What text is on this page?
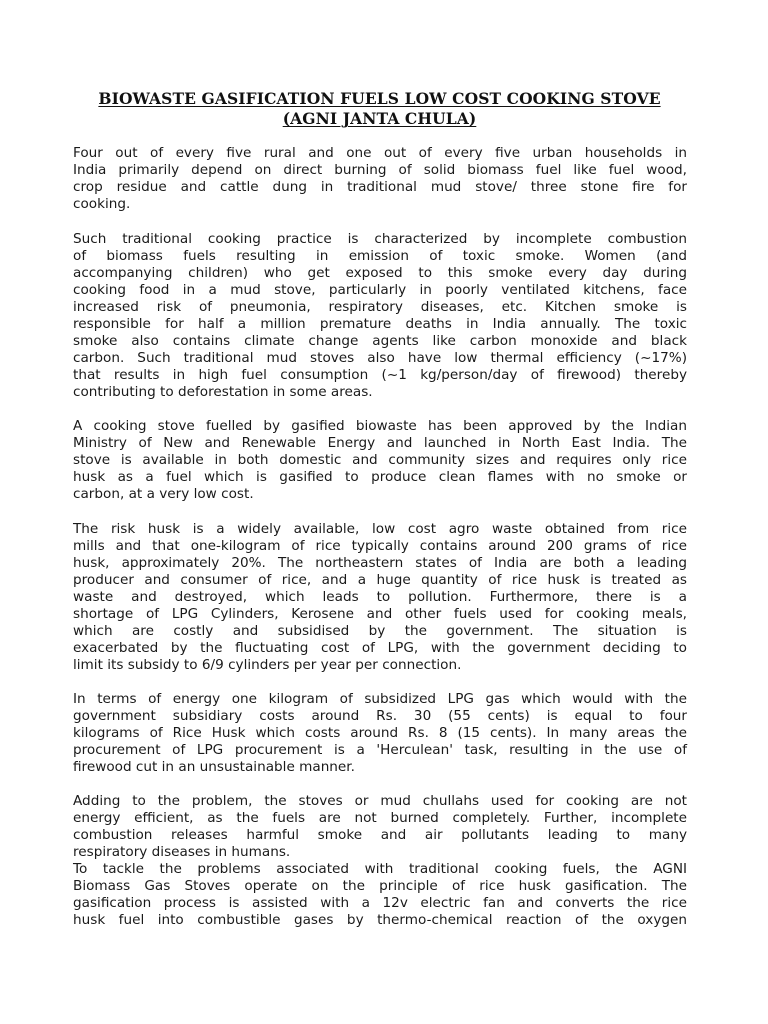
BIOWASTE GASIFICATION FUELS LOW COST COOKING STOVE
(AGNI JANTA CHULA)
Four out of every five rural and one out of every five urban households in
India primarily depend on direct burning of solid biomass fuel like fuel wood,
crop residue and cattle dung in traditional mud stove/ three stone fire for
cooking.
Such traditional cooking practice is characterized by incomplete combustion
of biomass fuels resulting in emission of toxic smoke. Women (and
accompanying children) who get exposed to this smoke every day during
cooking food in a mud stove, particularly in poorly ventilated kitchens, face
increased risk of pneumonia, respiratory diseases, etc. Kitchen smoke is
responsible for half a million premature deaths in India annually. The toxic
smoke also contains climate change agents like carbon monoxide and black
carbon. Such traditional mud stoves also have low thermal efficiency (~17%)
that results in high fuel consumption (~1 kg/person/day of firewood) thereby
contributing to deforestation in some areas.
A cooking stove fuelled by gasified biowaste has been approved by the Indian
Ministry of New and Renewable Energy and launched in North East India. The
stove is available in both domestic and community sizes and requires only rice
husk as a fuel which is gasified to produce clean flames with no smoke or
carbon, at a very low cost.
The risk husk is a widely available, low cost agro waste obtained from rice
mills and that one-kilogram of rice typically contains around 200 grams of rice
husk, approximately 20%. The northeastern states of India are both a leading
producer and consumer of rice, and a huge quantity of rice husk is treated as
waste and destroyed, which leads to pollution. Furthermore, there is a
shortage of LPG Cylinders, Kerosene and other fuels used for cooking meals,
which are costly and subsidised by the government. The situation is
exacerbated by the fluctuating cost of LPG, with the government deciding to
limit its subsidy to 6/9 cylinders per year per connection.
In terms of energy one kilogram of subsidized LPG gas which would with the
government subsidiary costs around Rs. 30 (55 cents) is equal to four
kilograms of Rice Husk which costs around Rs. 8 (15 cents). In many areas the
procurement of LPG procurement is a 'Herculean' task, resulting in the use of
firewood cut in an unsustainable manner.
Adding to the problem, the stoves or mud chullahs used for cooking are not
energy efficient, as the fuels are not burned completely. Further, incomplete
combustion releases harmful smoke and air pollutants leading to many
respiratory diseases in humans.
To tackle the problems associated with traditional cooking fuels, the AGNI
Biomass Gas Stoves operate on the principle of rice husk gasification. The
gasification process is assisted with a 12v electric fan and converts the rice
husk fuel into combustible gases by thermo-chemical reaction of the oxygen
